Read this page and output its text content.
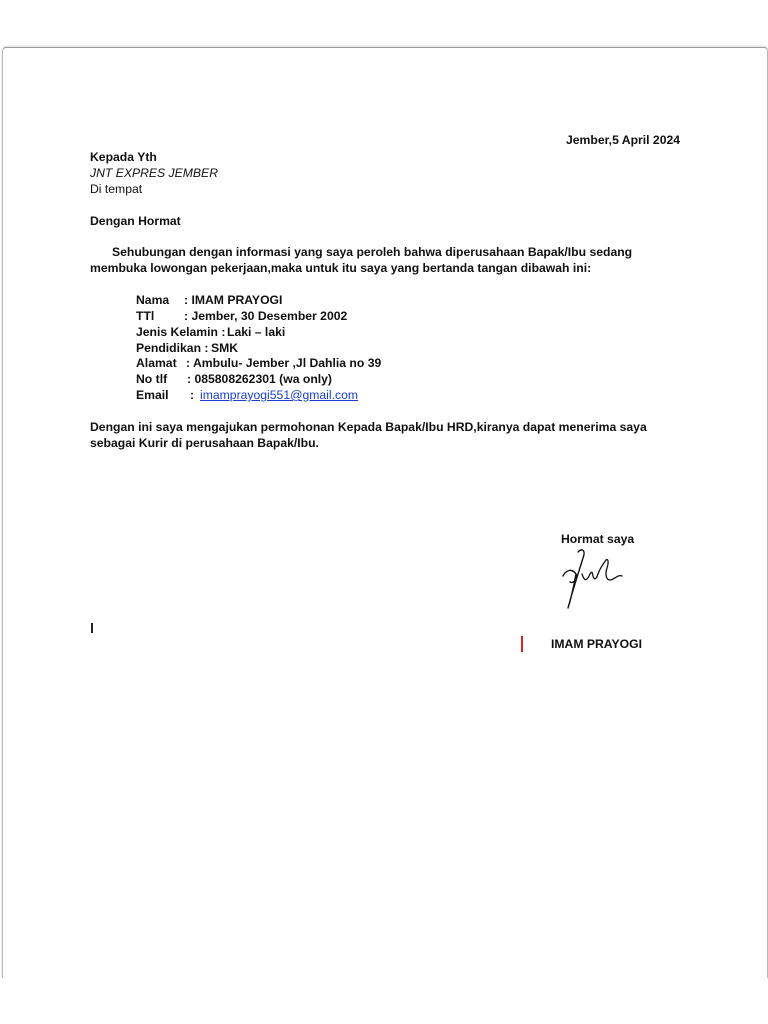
Jember,5 April 2024
Kepada Yth
JNT EXPRES JEMBER
Di tempat
Dengan Hormat
Sehubungan dengan informasi yang saya peroleh bahwa diperusahaan Bapak/Ibu sedang membuka lowongan pekerjaan,maka untuk itu saya yang bertanda tangan dibawah ini:
Nama : IMAM PRAYOGI
TTl : Jember, 30 Desember 2002
Jenis Kelamin : Laki – laki
Pendidikan : SMK
Alamat : Ambulu- Jember ,Jl Dahlia no 39
No tlf : 085808262301 (wa only)
Email : imamprayogi551@gmail.com
Dengan ini saya mengajukan permohonan Kepada Bapak/Ibu HRD,kiranya dapat menerima saya sebagai Kurir di perusahaan Bapak/Ibu.
Hormat saya
IMAM PRAYOGI
